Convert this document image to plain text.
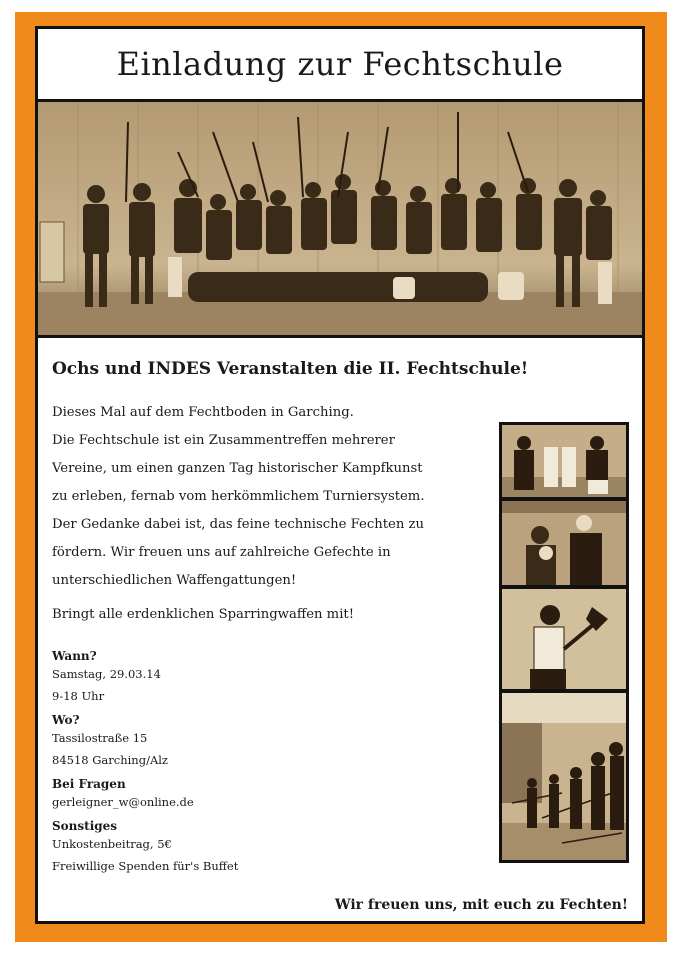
Einladung zur Fechtschule
Ochs und INDES Veranstalten die II. Fechtschule!

Dieses Mal auf dem Fechtboden in Garching.

Die Fechtschule ist ein Zusammentreffen mehrerer

Vereine, um einen ganzen Tag historischer Kampfkunst

zu erleben, fernab vom herkömmlichem Turniersystem.

Der Gedanke dabei ist, das feine technische Fechten zu

fördern. Wir freuen uns auf zahlreiche Gefechte in

unterschiedlichen Waffengattungen!

Bringt alle erdenklichen Sparringwaffen mit!

Wann?

Samstag, 29.03.14

9-18 Uhr

Wo?

Tassilostraße 15

84518 Garching/Alz

Bei Fragen

gerleigner_w@online.de

Sonstiges

Unkostenbeitrag, 5€

Freiwillige Spenden für's Buffet

Wir freuen uns, mit euch zu Fechten!
